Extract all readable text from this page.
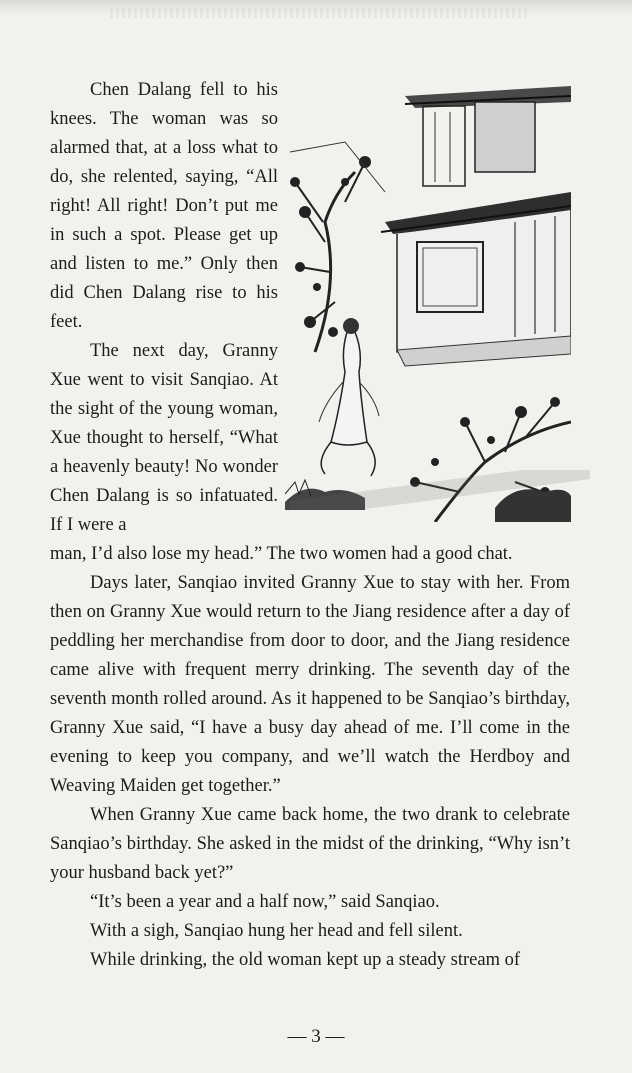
Chen Dalang fell to his knees. The woman was so alarmed that, at a loss what to do, she relented, saying, “All right! All right! Don’t put me in such a spot. Please get up and listen to me.” Only then did Chen Dalang rise to his feet.

The next day, Granny Xue went to visit Sanqiao. At the sight of the young woman, Xue thought to herself, “What a heavenly beauty! No wonder Chen Dalang is so infatuated. If I were a

man, I’d also lose my head.” The two women had a good chat.

Days later, Sanqiao invited Granny Xue to stay with her. From then on Granny Xue would return to the Jiang residence after a day of peddling her merchandise from door to door, and the Jiang residence came alive with frequent merry drinking. The seventh day of the seventh month rolled around. As it happened to be Sanqiao’s birthday, Granny Xue said, “I have a busy day ahead of me. I’ll come in the evening to keep you company, and we’ll watch the Herdboy and Weaving Maiden get together.”

When Granny Xue came back home, the two drank to celebrate Sanqiao’s birthday. She asked in the midst of the drinking, “Why isn’t your husband back yet?”

“It’s been a year and a half now,” said Sanqiao.

With a sigh, Sanqiao hung her head and fell silent.

While drinking, the old woman kept up a steady stream of

— 3 —
